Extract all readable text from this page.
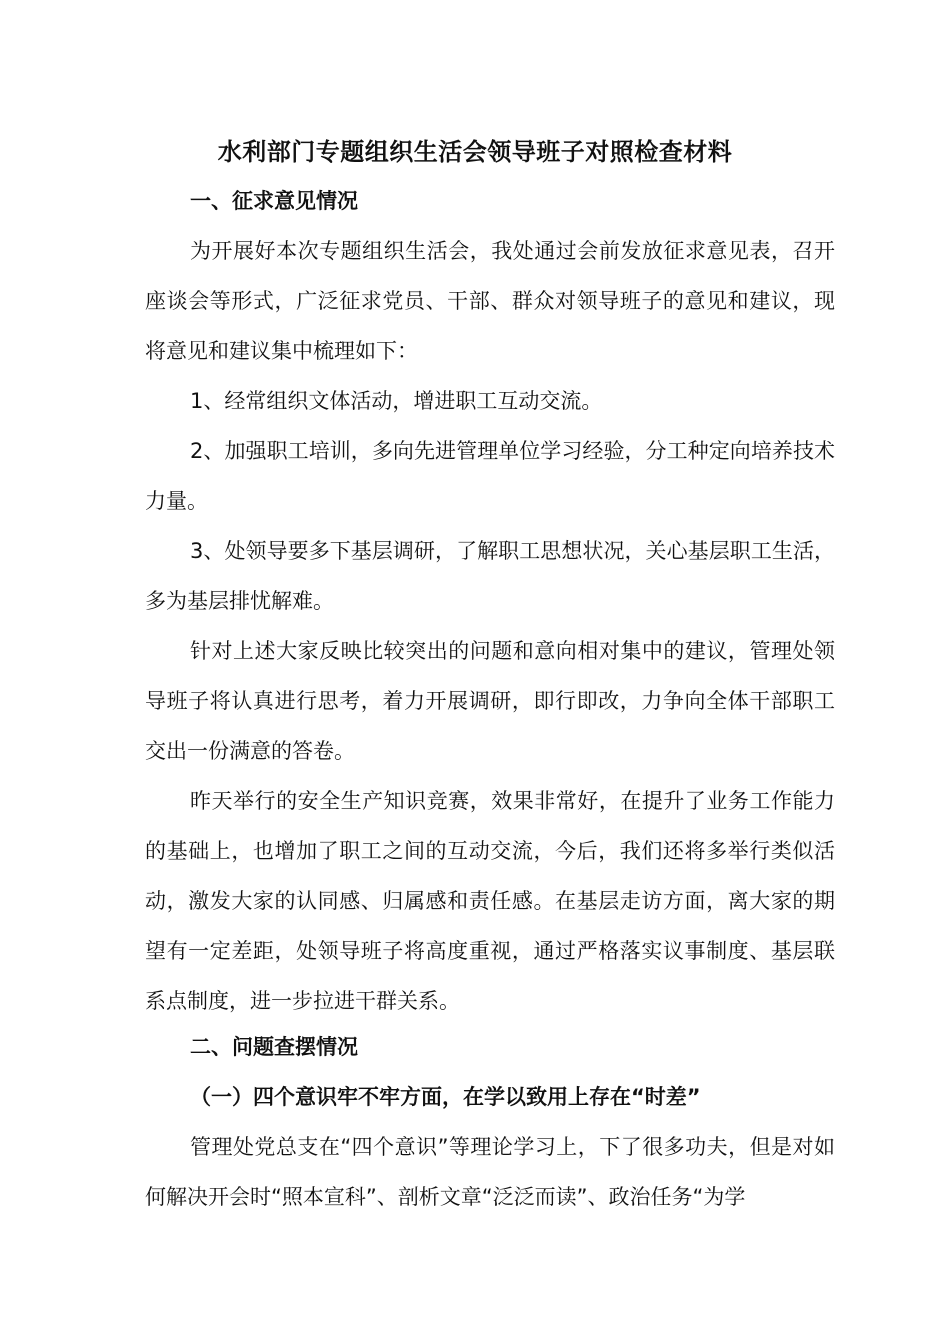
水利部门专题组织生活会领导班子对照检查材料
一、征求意见情况

为开展好本次专题组织生活会，我处通过会前发放征求意见表，召开座谈会等形式，广泛征求党员、干部、群众对领导班子的意见和建议，现将意见和建议集中梳理如下：

1、经常组织文体活动，增进职工互动交流。

2、加强职工培训，多向先进管理单位学习经验，分工种定向培养技术力量。

3、处领导要多下基层调研，了解职工思想状况，关心基层职工生活，多为基层排忧解难。

针对上述大家反映比较突出的问题和意向相对集中的建议，管理处领导班子将认真进行思考，着力开展调研，即行即改，力争向全体干部职工交出一份满意的答卷。

昨天举行的安全生产知识竞赛，效果非常好，在提升了业务工作能力的基础上，也增加了职工之间的互动交流，今后，我们还将多举行类似活动，激发大家的认同感、归属感和责任感。在基层走访方面，离大家的期望有一定差距，处领导班子将高度重视，通过严格落实议事制度、基层联系点制度，进一步拉进干群关系。

二、问题查摆情况
（一）四个意识牢不牢方面，在学以致用上存在“时差”

管理处党总支在“四个意识”等理论学习上，下了很多功夫，但是对如何解决开会时“照本宣科”、剖析文章“泛泛而读”、政治任务“为学
